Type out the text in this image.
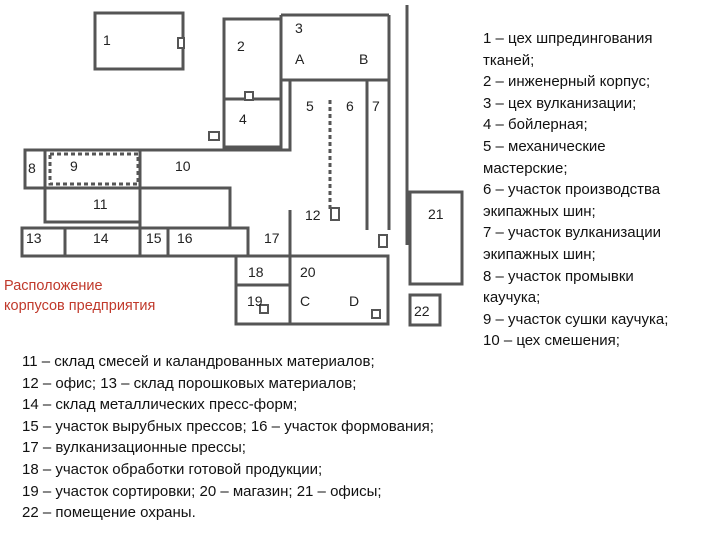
1	2
3
4
5 6 7
8 9	10
11
12
13	14	15 16	17
18	20
19
21
22
A	B
C	D
Расположение
корпусов предприятия
1 – цех шпредингования
тканей;
2 – инженерный корпус;
3 – цех вулканизации;
4 – бойлерная;
5 – механические
мастерские;
6 – участок производства
экипажных шин;
7 – участок вулканизации
экипажных шин;
8 – участок промывки
каучука;
9 – участок сушки каучука;
10 – цех смешения;
11 – склад смесей и каландрованных материалов;
12 – офис; 13 – склад порошковых материалов;
14 – склад металлических пресс-форм;
15 – участок вырубных прессов; 16 – участок формования;
17 – вулканизационные прессы;
18 – участок обработки готовой продукции;
19 – участок сортировки; 20 – магазин; 21 – офисы;
22 – помещение охраны.
